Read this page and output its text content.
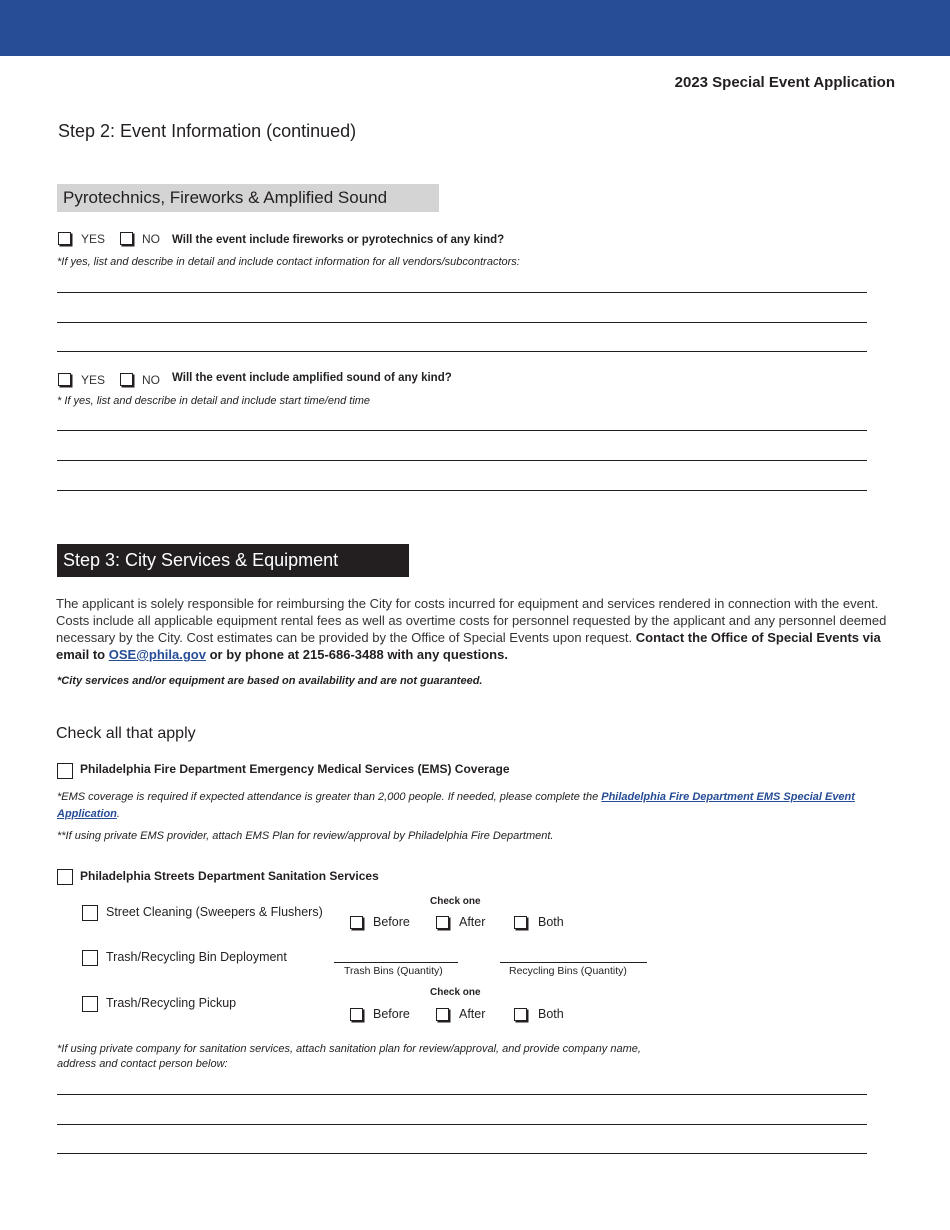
2023 Special Event Application
Step 2: Event Information (continued)
Pyrotechnics, Fireworks & Amplified Sound
YES	NO Will the event include fireworks or pyrotechnics of any kind?
*If yes, list and describe in detail and include contact information for all vendors/subcontractors:
YES	NO Will the event include amplified sound of any kind?
* If yes, list and describe in detail and include start time/end time
Step 3: City Services & Equipment
The applicant is solely responsible for reimbursing the City for costs incurred for equipment and services rendered in connection with the event. Costs include all applicable equipment rental fees as well as overtime costs for personnel requested by the applicant and any personnel deemed necessary by the City. Cost estimates can be provided by the Office of Special Events upon request. Contact the Office of Special Events via email to OSE@phila.gov or by phone at 215-686-3488 with any questions.
*City services and/or equipment are based on availability and are not guaranteed.
Check all that apply
Philadelphia Fire Department Emergency Medical Services (EMS) Coverage
*EMS coverage is required if expected attendance is greater than 2,000 people. If needed, please complete the Philadelphia Fire Department EMS Special Event Application.
**If using private EMS provider, attach EMS Plan for review/approval by Philadelphia Fire Department.
Philadelphia Streets Department Sanitation Services
Street Cleaning (Sweepers & Flushers)
Check one
Before	After	Both
Trash/Recycling Bin Deployment
Trash Bins (Quantity)	Recycling Bins (Quantity)
Trash/Recycling Pickup
Check one
Before	After	Both
*If using private company for sanitation services, attach sanitation plan for review/approval, and provide company name,
address and contact person below:
